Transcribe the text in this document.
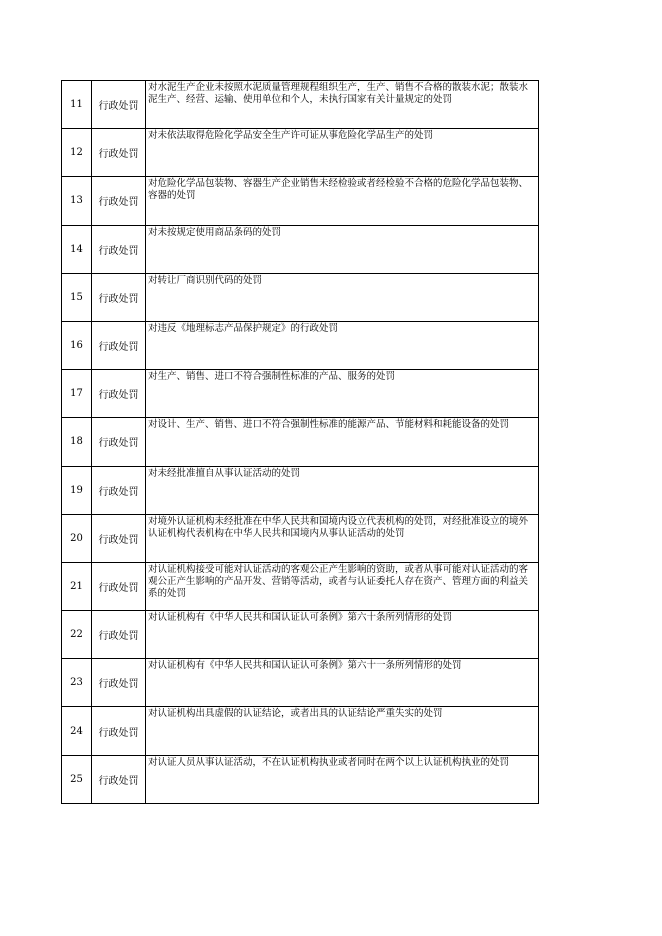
11	行政处罚	对水泥生产企业未按照水泥质量管理规程组织生产，生产、销售不合格的散装水泥；散装水泥生产、经营、运输、使用单位和个人，未执行国家有关计量规定的处罚
12	行政处罚	对未依法取得危险化学品安全生产许可证从事危险化学品生产的处罚
13	行政处罚	对危险化学品包装物、容器生产企业销售未经检验或者经检验不合格的危险化学品包装物、容器的处罚
14	行政处罚	对未按规定使用商品条码的处罚
15	行政处罚	对转让厂商识别代码的处罚
16	行政处罚	对违反《地理标志产品保护规定》的行政处罚
17	行政处罚	对生产、销售、进口不符合强制性标准的产品、服务的处罚
18	行政处罚	对设计、生产、销售、进口不符合强制性标准的能源产品、节能材料和耗能设备的处罚
19	行政处罚	对未经批准擅自从事认证活动的处罚
20	行政处罚	对境外认证机构未经批准在中华人民共和国境内设立代表机构的处罚，对经批准设立的境外认证机构代表机构在中华人民共和国境内从事认证活动的处罚
21	行政处罚	对认证机构接受可能对认证活动的客观公正产生影响的资助，或者从事可能对认证活动的客观公正产生影响的产品开发、营销等活动，或者与认证委托人存在资产、管理方面的利益关系的处罚
22	行政处罚	对认证机构有《中华人民共和国认证认可条例》第六十条所列情形的处罚
23	行政处罚	对认证机构有《中华人民共和国认证认可条例》第六十一条所列情形的处罚
24	行政处罚	对认证机构出具虚假的认证结论，或者出具的认证结论严重失实的处罚
25	行政处罚	对认证人员从事认证活动，不在认证机构执业或者同时在两个以上认证机构执业的处罚
